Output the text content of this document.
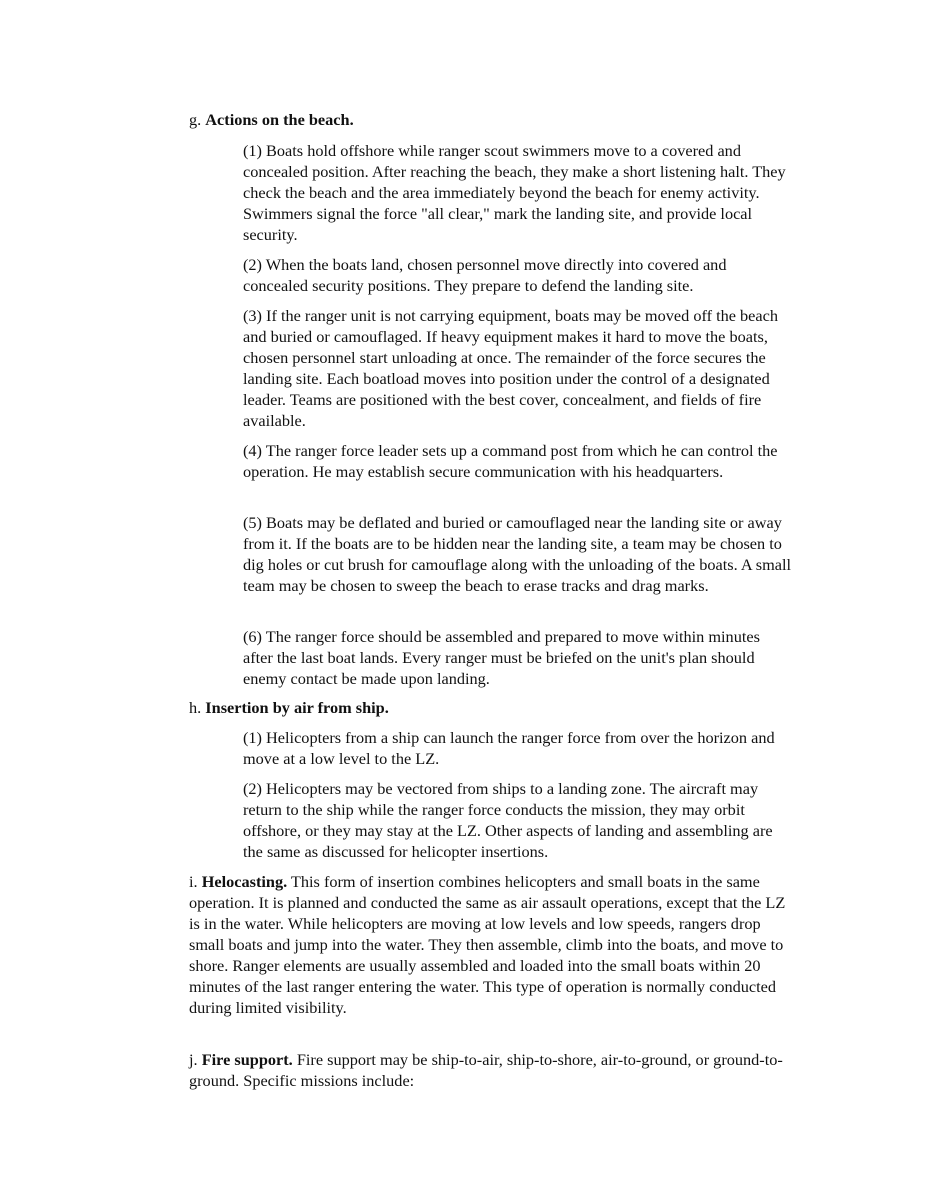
g. Actions on the beach.

(1) Boats hold offshore while ranger scout swimmers move to a covered and concealed position. After reaching the beach, they make a short listening halt. They check the beach and the area immediately beyond the beach for enemy activity. Swimmers signal the force "all clear," mark the landing site, and provide local security.

(2) When the boats land, chosen personnel move directly into covered and concealed security positions. They prepare to defend the landing site.

(3) If the ranger unit is not carrying equipment, boats may be moved off the beach and buried or camouflaged. If heavy equipment makes it hard to move the boats, chosen personnel start unloading at once. The remainder of the force secures the landing site. Each boatload moves into position under the control of a designated leader. Teams are positioned with the best cover, concealment, and fields of fire available.

(4) The ranger force leader sets up a command post from which he can control the operation. He may establish secure communication with his headquarters.

(5) Boats may be deflated and buried or camouflaged near the landing site or away from it. If the boats are to be hidden near the landing site, a team may be chosen to dig holes or cut brush for camouflage along with the unloading of the boats. A small team may be chosen to sweep the beach to erase tracks and drag marks.

(6) The ranger force should be assembled and prepared to move within minutes after the last boat lands. Every ranger must be briefed on the unit's plan should enemy contact be made upon landing.

h. Insertion by air from ship.

(1) Helicopters from a ship can launch the ranger force from over the horizon and move at a low level to the LZ.

(2) Helicopters may be vectored from ships to a landing zone. The aircraft may return to the ship while the ranger force conducts the mission, they may orbit offshore, or they may stay at the LZ. Other aspects of landing and assembling are the same as discussed for helicopter insertions.

i. Helocasting. This form of insertion combines helicopters and small boats in the same operation. It is planned and conducted the same as air assault operations, except that the LZ is in the water. While helicopters are moving at low levels and low speeds, rangers drop small boats and jump into the water. They then assemble, climb into the boats, and move to shore. Ranger elements are usually assembled and loaded into the small boats within 20 minutes of the last ranger entering the water. This type of operation is normally conducted during limited visibility.

j. Fire support. Fire support may be ship-to-air, ship-to-shore, air-to-ground, or ground-to-ground. Specific missions include:
